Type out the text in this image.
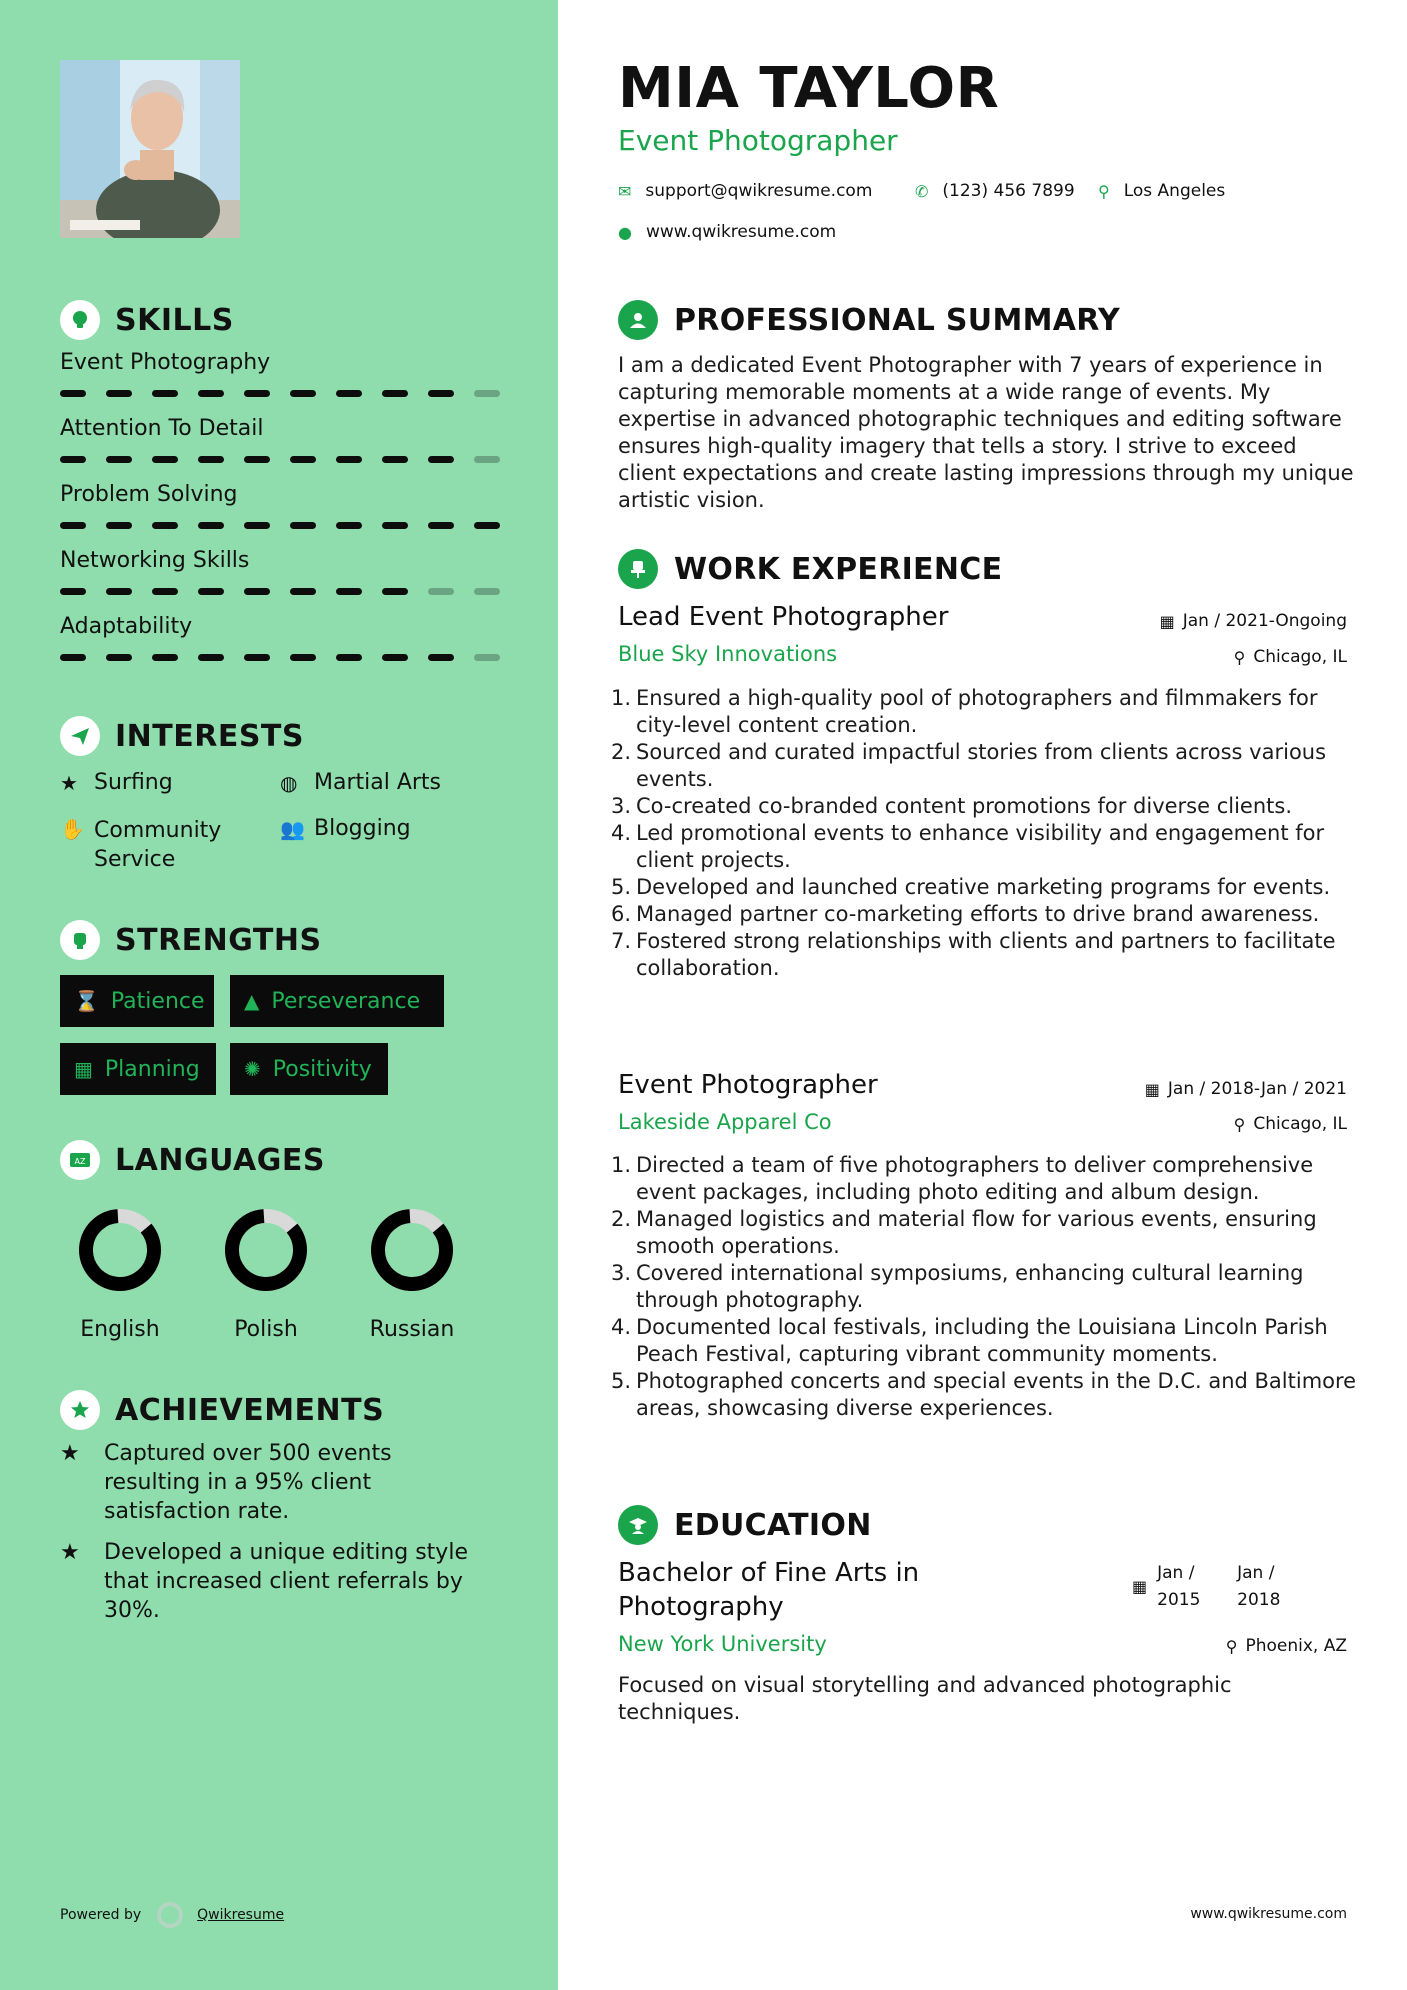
SKILLS
Event Photography
Attention To Detail
Problem Solving
Networking Skills
Adaptability
INTERESTS
★ Surfing	◍ Martial Arts
✋ Community Service
👥 Blogging
STRENGTHS
⌛ Patience ▲ Perseverance
▦ Planning ✺ Positivity
AZ LANGUAGES
English	Polish	Russian
ACHIEVEMENTS
★	Captured over 500 events resulting in a 95% client satisfaction rate.
★	Developed a unique editing style that increased client referrals by 30%.
Powered by	Qwikresume
MIA TAYLOR
Event Photographer
✉ support@qwikresume.com	✆ (123) 456 7899 ⚲ Los Angeles
● www.qwikresume.com
PROFESSIONAL SUMMARY
I am a dedicated Event Photographer with 7 years of experience in capturing memorable moments at a wide range of events. My expertise in advanced photographic techniques and editing software ensures high-quality imagery that tells a story. I strive to exceed client expectations and create lasting impressions through my unique artistic vision.
WORK EXPERIENCE
Lead Event Photographer	▦ Jan / 2021-Ongoing
Blue Sky Innovations	⚲ Chicago, IL
1. Ensured a high-quality pool of photographers and filmmakers for city-level content creation.
2. Sourced and curated impactful stories from clients across various events.
3. Co-created co-branded content promotions for diverse clients.
4. Led promotional events to enhance visibility and engagement for client projects.
5. Developed and launched creative marketing programs for events.
6. Managed partner co-marketing efforts to drive brand awareness.
7. Fostered strong relationships with clients and partners to facilitate collaboration.
Event Photographer	▦ Jan / 2018-Jan / 2021
Lakeside Apparel Co	⚲ Chicago, IL
1. Directed a team of five photographers to deliver comprehensive event packages, including photo editing and album design.
2. Managed logistics and material flow for various events, ensuring smooth operations.
3. Covered international symposiums, enhancing cultural learning through photography.
4. Documented local festivals, including the Louisiana Lincoln Parish Peach Festival, capturing vibrant community moments.
5. Photographed concerts and special events in the D.C. and Baltimore areas, showcasing diverse experiences.
EDUCATION
Bachelor of Fine Arts in Photography
▦
Jan / 2015
Jan / 2018
New York University	⚲ Phoenix, AZ
Focused on visual storytelling and advanced photographic techniques.
www.qwikresume.com
